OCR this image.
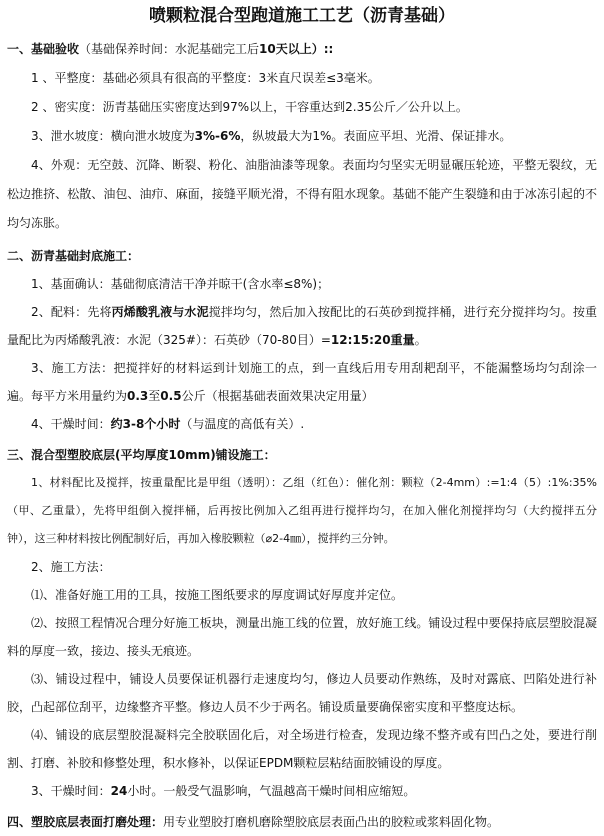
喷颗粒混合型跑道施工工艺（沥青基础）
一、基础验收（基础保养时间：水泥基础完工后10天以上）::
1 、平整度：基础必须具有很高的平整度：3米直尺误差≤3毫米。
2 、密实度：沥青基础压实密度达到97%以上，干容重达到2.35公斤／公升以上。
3、泄水坡度：横向泄水坡度为3%-6%，纵坡最大为1%。表面应平坦、光滑、保证排水。
4、外观：无空鼓、沉降、断裂、粉化、油脂油漆等现象。表面均匀坚实无明显碾压轮迹，平整无裂纹，无松边推挤、松散、油包、油疖、麻面，接缝平顺光滑，不得有阻水现象。基础不能产生裂缝和由于冰冻引起的不均匀冻胀。
二、沥青基础封底施工：
1、基面确认：基础彻底清洁干净并晾干(含水率≤8%)；
2、配料：先将丙烯酸乳液与水泥搅拌均匀，然后加入按配比的石英砂到搅拌桶，进行充分搅拌均匀。按重量配比为丙烯酸乳液：水泥（325#）：石英砂（70-80目）=12:15:20重量。
3、施工方法：把搅拌好的材料运到计划施工的点，到一直线后用专用刮耙刮平，不能漏整场均匀刮涂一遍。每平方米用量约为0.3至0.5公斤（根据基础表面效果决定用量）
4、干燥时间：约3-8个小时（与温度的高低有关）.
三、混合型塑胶底层(平均厚度10mm)铺设施工：
1、材料配比及搅拌，按重量配比是甲组（透明）：乙组（红色）：催化剂：颗粒（2-4mm）:=1:4（5）:1%:35%（甲、乙重量），先将甲组倒入搅拌桶，后再按比例加入乙组再进行搅拌均匀，在加入催化剂搅拌均匀（大约搅拌五分钟），这三种材料按比例配制好后，再加入橡胶颗粒（⌀2-4㎜），搅拌约三分钟。
2、施工方法：
⑴、准备好施工用的工具，按施工图纸要求的厚度调试好厚度并定位。
⑵、按照工程情况合理分好施工板块，测量出施工线的位置，放好施工线。铺设过程中要保持底层塑胶混凝料的厚度一致，接边、接头无痕迹。
⑶、铺设过程中，铺设人员要保证机器行走速度均匀，修边人员要动作熟练，及时对露底、凹陷处进行补胶，凸起部位刮平，边缘整齐平整。修边人员不少于两名。铺设质量要确保密实度和平整度达标。
⑷、铺设的底层塑胶混凝料完全胶联固化后，对全场进行检查，发现边缘不整齐或有凹凸之处，要进行削割、打磨、补胶和修整处理，积水修补，以保证EPDM颗粒层粘结面胶铺设的厚度。
3、干燥时间：24小时。一般受气温影响，气温越高干燥时间相应缩短。
四、塑胶底层表面打磨处理：用专业塑胶打磨机磨除塑胶底层表面凸出的胶粒或浆料固化物。
